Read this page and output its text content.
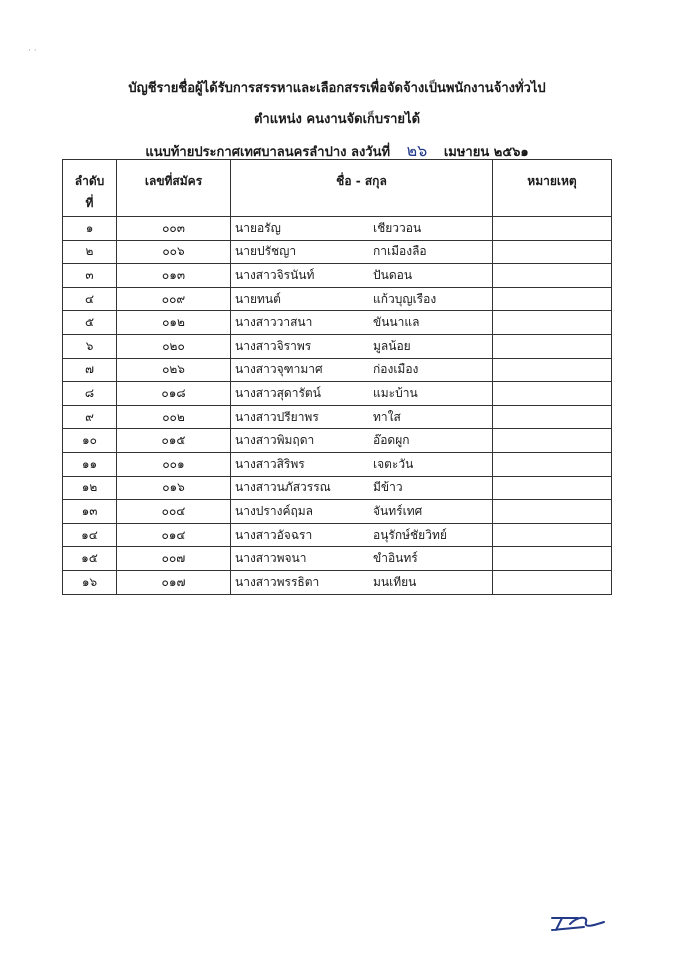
· ·
บัญชีรายชื่อผู้ได้รับการสรรหาและเลือกสรรเพื่อจัดจ้างเป็นพนักงานจ้างทั่วไป
ตำแหน่ง คนงานจัดเก็บรายได้
แนบท้ายประกาศเทศบาลนครลำปาง ลงวันที่ ๒๖ เมษายน ๒๕๖๑
ลำดับ
ที่	เลขที่สมัคร	ชื่อ - สกุล	หมายเหตุ

๑	๐๐๓	นายอรัญ เชียววอน	
๒	๐๐๖	นายปรัชญา กาเมืองลือ	
๓	๐๑๓	นางสาวจิรนันท์ ปันดอน	
๔	๐๐๙	นายทนต์ แก้วบุญเรือง	
๕	๐๑๒	นางสาววาสนา ขันนาแล	
๖	๐๒๐	นางสาวจิราพร มูลน้อย	
๗	๐๒๖	นางสาวจุฑามาศ ก่องเมือง	
๘	๐๑๘	นางสาวสุดารัตน์ แมะบ้าน	
๙	๐๐๒	นางสาวปรียาพร ทาใส	
๑๐	๐๑๕	นางสาวพิมฤดา อ๊อดผูก	
๑๑	๐๐๑	นางสาวสิริพร เจตะวัน	
๑๒	๐๑๖	นางสาวนภัสวรรณ มีข้าว	
๑๓	๐๐๔	นางปรางค์ฤมล จันทร์เทศ	
๑๔	๐๑๔	นางสาวอัจฉรา อนุรักษ์ชัยวิทย์	
๑๕	๐๐๗	นางสาวพจนา ขำอินทร์	
๑๖	๐๑๗	นางสาวพรรธิตา มนเทียน	
